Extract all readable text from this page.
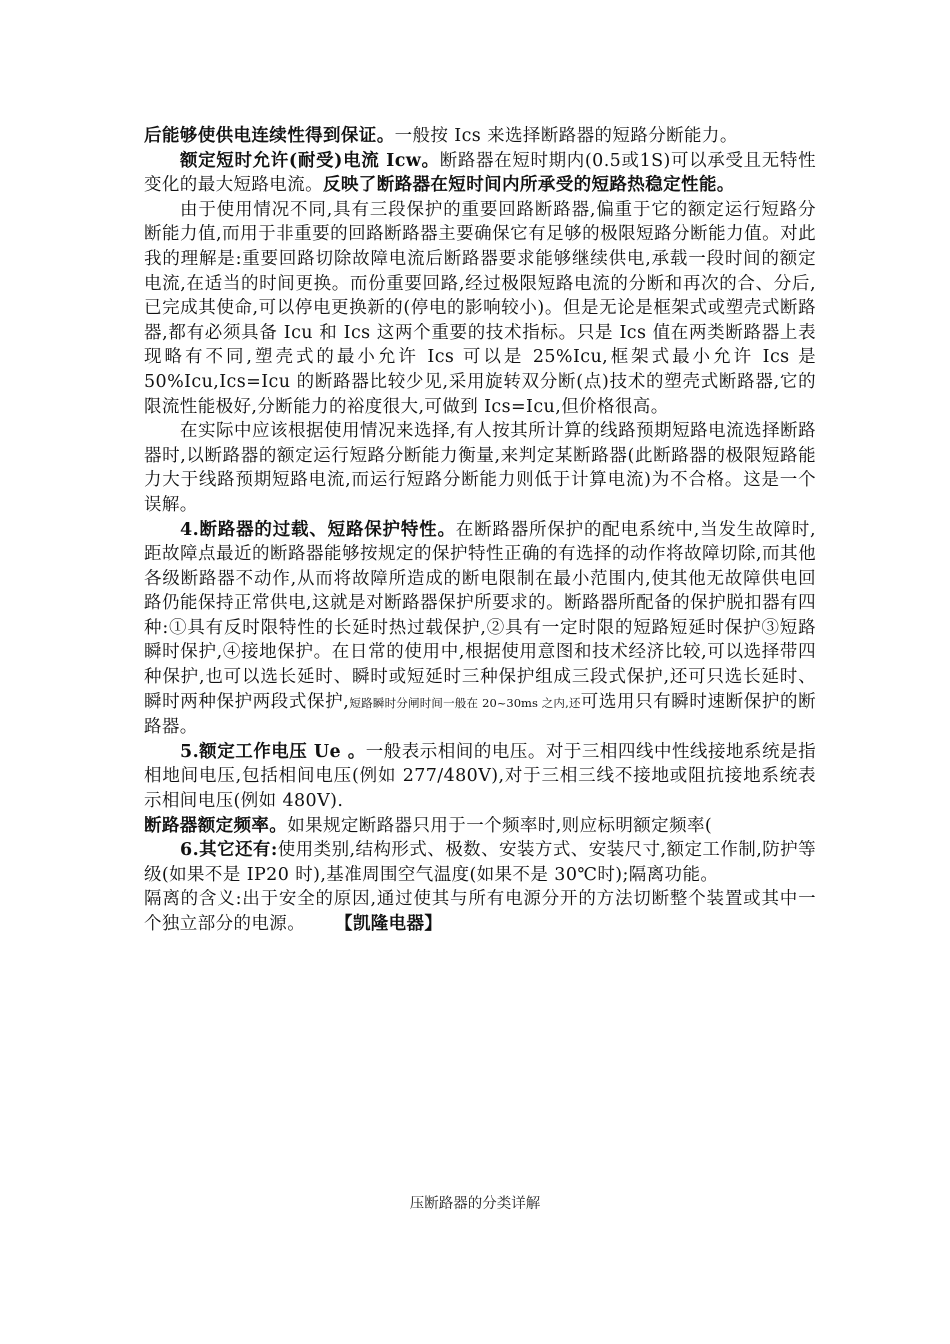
后能够使供电连续性得到保证。一般按 Ics 来选择断路器的短路分断能力。

额定短时允许(耐受)电流 Icw。断路器在短时期内(0.5或1S)可以承受且无特性变化的最大短路电流。反映了断路器在短时间内所承受的短路热稳定性能。

由于使用情况不同,具有三段保护的重要回路断路器,偏重于它的额定运行短路分断能力值,而用于非重要的回路断路器主要确保它有足够的极限短路分断能力值。对此我的理解是:重要回路切除故障电流后断路器要求能够继续供电,承载一段时间的额定电流,在适当的时间更换。而份重要回路,经过极限短路电流的分断和再次的合、分后,已完成其使命,可以停电更换新的(停电的影响较小)。但是无论是框架式或塑壳式断路器,都有必须具备 Icu 和 Ics 这两个重要的技术指标。只是 Ics 值在两类断路器上表现略有不同,塑壳式的最小允许 Ics 可以是 25%Icu,框架式最小允许 Ics 是 50%Icu,Ics=Icu 的断路器比较少见,采用旋转双分断(点)技术的塑壳式断路器,它的限流性能极好,分断能力的裕度很大,可做到 Ics=Icu,但价格很高。

在实际中应该根据使用情况来选择,有人按其所计算的线路预期短路电流选择断路器时,以断路器的额定运行短路分断能力衡量,来判定某断路器(此断路器的极限短路能力大于线路预期短路电流,而运行短路分断能力则低于计算电流)为不合格。这是一个误解。

4.断路器的过载、短路保护特性。在断路器所保护的配电系统中,当发生故障时,距故障点最近的断路器能够按规定的保护特性正确的有选择的动作将故障切除,而其他各级断路器不动作,从而将故障所造成的断电限制在最小范围内,使其他无故障供电回路仍能保持正常供电,这就是对断路器保护所要求的。断路器所配备的保护脱扣器有四种:①具有反时限特性的长延时热过载保护,②具有一定时限的短路短延时保护③短路瞬时保护,④接地保护。在日常的使用中,根据使用意图和技术经济比较,可以选择带四种保护,也可以选长延时、瞬时或短延时三种保护组成三段式保护,还可只选长延时、瞬时两种保护两段式保护,短路瞬时分闸时间一般在 20~30ms 之内,还可选用只有瞬时速断保护的断路器。

5.额定工作电压 Ue 。一般表示相间的电压。对于三相四线中性线接地系统是指相地间电压,包括相间电压(例如 277/480V),对于三相三线不接地或阻抗接地系统表示相间电压(例如 480V).

断路器额定频率。如果规定断路器只用于一个频率时,则应标明额定频率(

6.其它还有:使用类别,结构形式、极数、安装方式、安装尺寸,额定工作制,防护等级(如果不是 IP20 时),基准周围空气温度(如果不是 30℃时);隔离功能。

隔离的含义:出于安全的原因,通过使其与所有电源分开的方法切断整个装置或其中一个独立部分的电源。 【凯隆电器】

压断路器的分类详解
